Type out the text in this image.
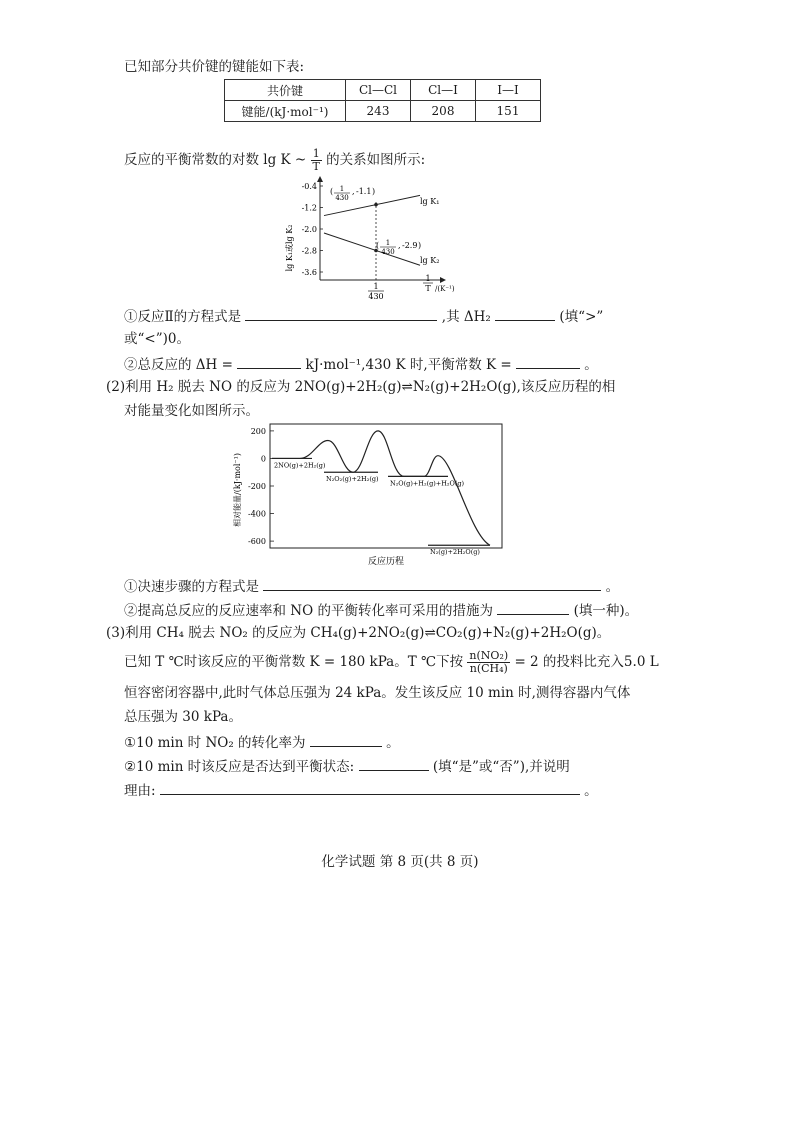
已知部分共价键的键能如下表:
共价键	Cl—Cl	Cl—I	I—I
键能/(kJ·mol⁻¹)	243	208	151
反应的平衡常数的对数 lg K ~ $\frac{1}{T}$ 的关系如图所示:
lg K₁或lg K₂
-0.4
-1.2
-2.0
-2.8
-3.6
1
430
1
T /(K⁻¹)
( 1
430
, -1.1 )
( 1
430
, -2.9 )
lg K₁
lg K₂
①反应Ⅱ的方程式是	,其 ΔH₂	(填“>”
或“<”)0。
②总反应的 ΔH =	kJ·mol⁻¹,430 K 时,平衡常数 K =	。
(2)利用 H₂ 脱去 NO 的反应为 2NO(g)+2H₂(g)⇌N₂(g)+2H₂O(g),该反应历程的相
对能量变化如图所示。
相对能量/(kJ·mol⁻¹)
200
0
-200
-400
-600
2NO(g)+2H₂(g)
N₂O₂(g)+2H₂(g)
N₂O(g)+H₂(g)+H₂O(g)
N₂(g)+2H₂O(g)
反应历程
①决速步骤的方程式是	。
②提高总反应的反应速率和 NO 的平衡转化率可采用的措施为	(填一种)。
(3)利用 CH₄ 脱去 NO₂ 的反应为 CH₄(g)+2NO₂(g)⇌CO₂(g)+N₂(g)+2H₂O(g)。
已知 T ℃时该反应的平衡常数 K = 180 kPa。T ℃下按 $\frac{\text{n(NO₂)}}{\text{n(CH₄)}} = 2$ 的投料比充入5.0 L
恒容密闭容器中,此时气体总压强为 24 kPa。发生该反应 10 min 时,测得容器内气体
总压强为 30 kPa。
①10 min 时 NO₂ 的转化率为	。
②10 min 时该反应是否达到平衡状态:	(填“是”或“否”),并说明
理由:	。
化学试题 第 8 页(共 8 页)
